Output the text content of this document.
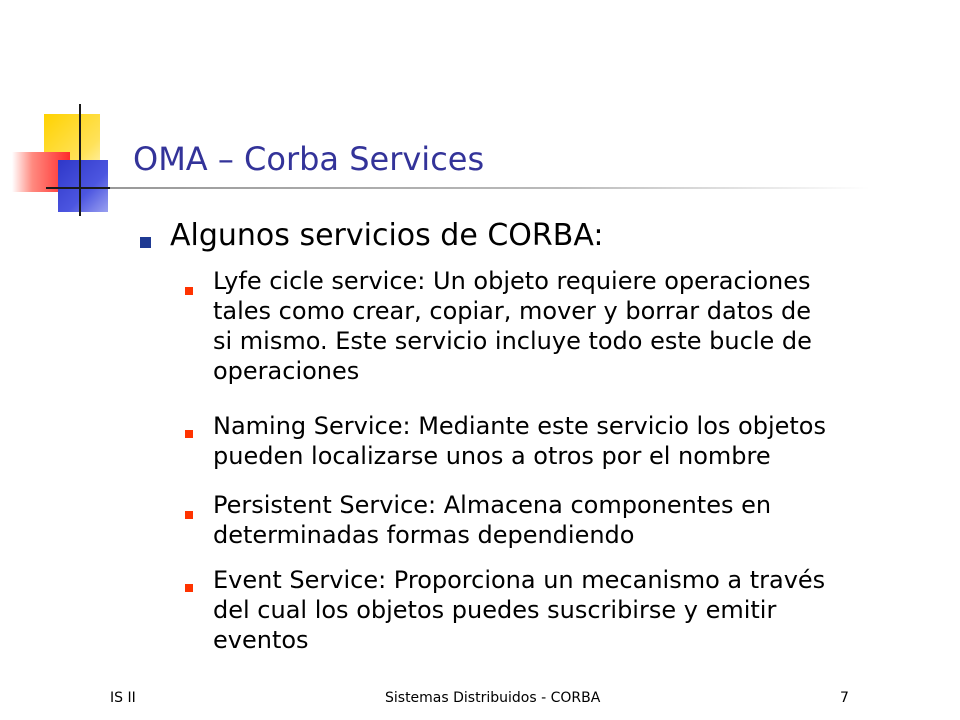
OMA – Corba Services
Algunos servicios de CORBA:
Lyfe cicle service: Un objeto requiere operaciones
tales como crear, copiar, mover y borrar datos de
si mismo. Este servicio incluye todo este bucle de
operaciones
Naming Service: Mediante este servicio los objetos
pueden localizarse unos a otros por el nombre
Persistent Service: Almacena componentes en
determinadas formas dependiendo
Event Service: Proporciona un mecanismo a través
del cual los objetos puedes suscribirse y emitir
eventos
IS II	Sistemas Distribuidos - CORBA	7
